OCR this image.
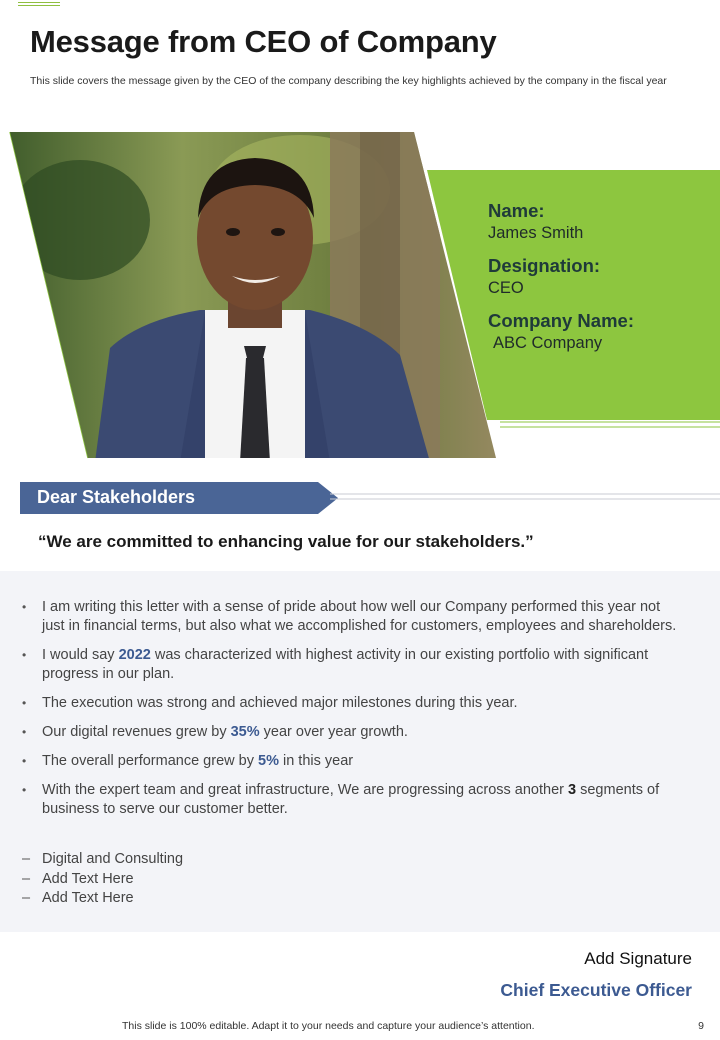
Message from CEO of Company

This slide covers the message given by the CEO of the company describing the key highlights achieved by the company in the fiscal year

Name:
James Smith
Designation:
CEO
Company Name:
ABC Company
Dear Stakeholders

“We are committed to enhancing value for our stakeholders.”

• I am writing this letter with a sense of pride about how well our Company performed this year not just in financial terms, but also what we accomplished for customers, employees and shareholders.
• I would say 2022 was characterized with highest activity in our existing portfolio with significant progress in our plan.
• The execution was strong and achieved major milestones during this year.
• Our digital revenues grew by 35% year over year growth.
• The overall performance grew by 5% in this year
• With the expert team and great infrastructure, We are progressing across another 3 segments of business to serve our customer better.
– Digital and Consulting
– Add Text Here
– Add Text Here
Add Signature
Chief Executive Officer
This slide is 100% editable. Adapt it to your needs and capture your audience’s attention.	9
